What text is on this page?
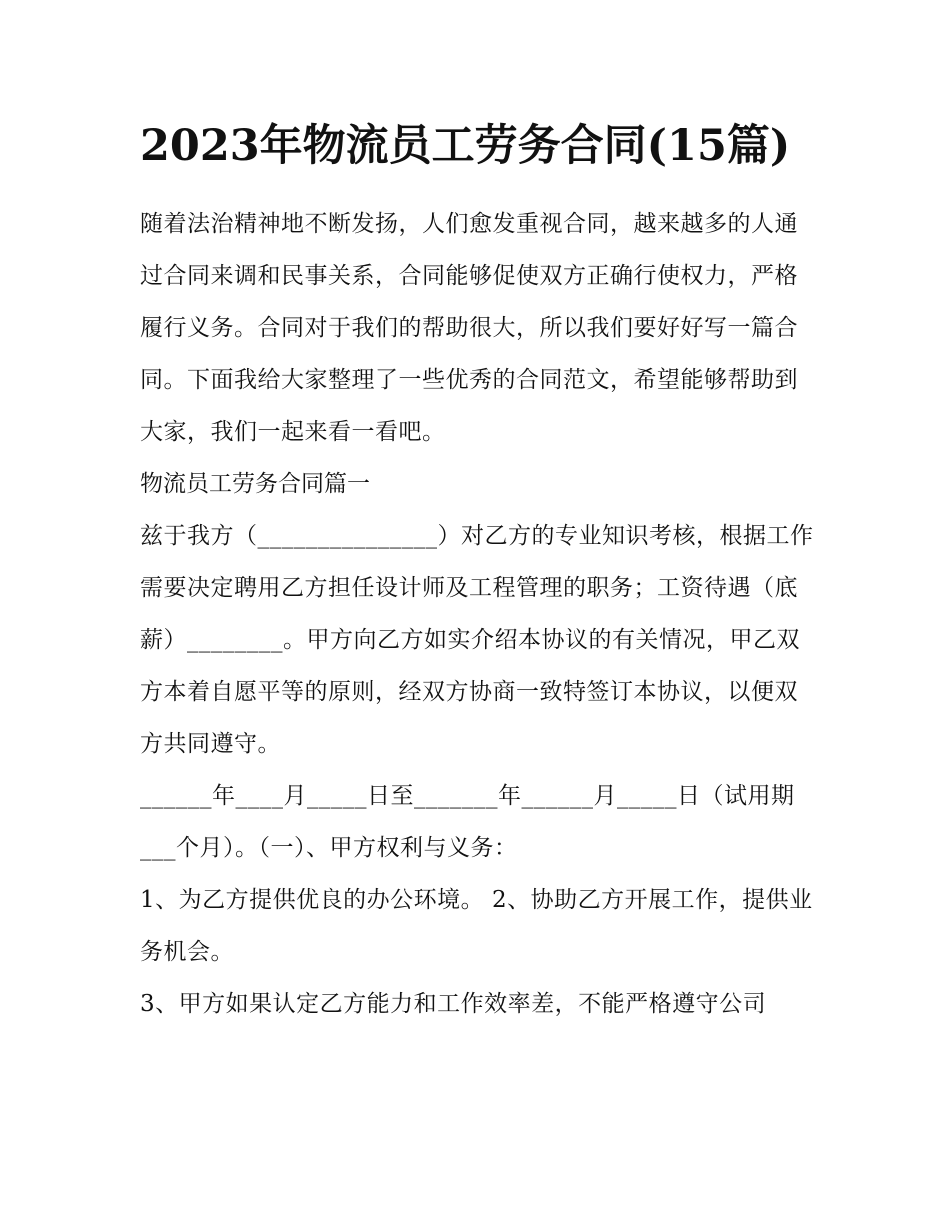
2023年物流员工劳务合同(15篇)

随着法治精神地不断发扬，人们愈发重视合同，越来越多的人通过合同来调和民事关系，合同能够促使双方正确行使权力，严格履行义务。合同对于我们的帮助很大，所以我们要好好写一篇合同。下面我给大家整理了一些优秀的合同范文，希望能够帮助到大家，我们一起来看一看吧。

物流员工劳务合同篇一

兹于我方（_______________）对乙方的专业知识考核，根据工作需要决定聘用乙方担任设计师及工程管理的职务；工资待遇（底薪）________。甲方向乙方如实介绍本协议的有关情况，甲乙双方本着自愿平等的原则，经双方协商一致特签订本协议，以便双方共同遵守。

______年____月_____日至_______年______月_____日（试用期___个月）。（一）、甲方权利与义务：

1、为乙方提供优良的办公环境。 2、协助乙方开展工作，提供业务机会。

3、甲方如果认定乙方能力和工作效率差，不能严格遵守公司
